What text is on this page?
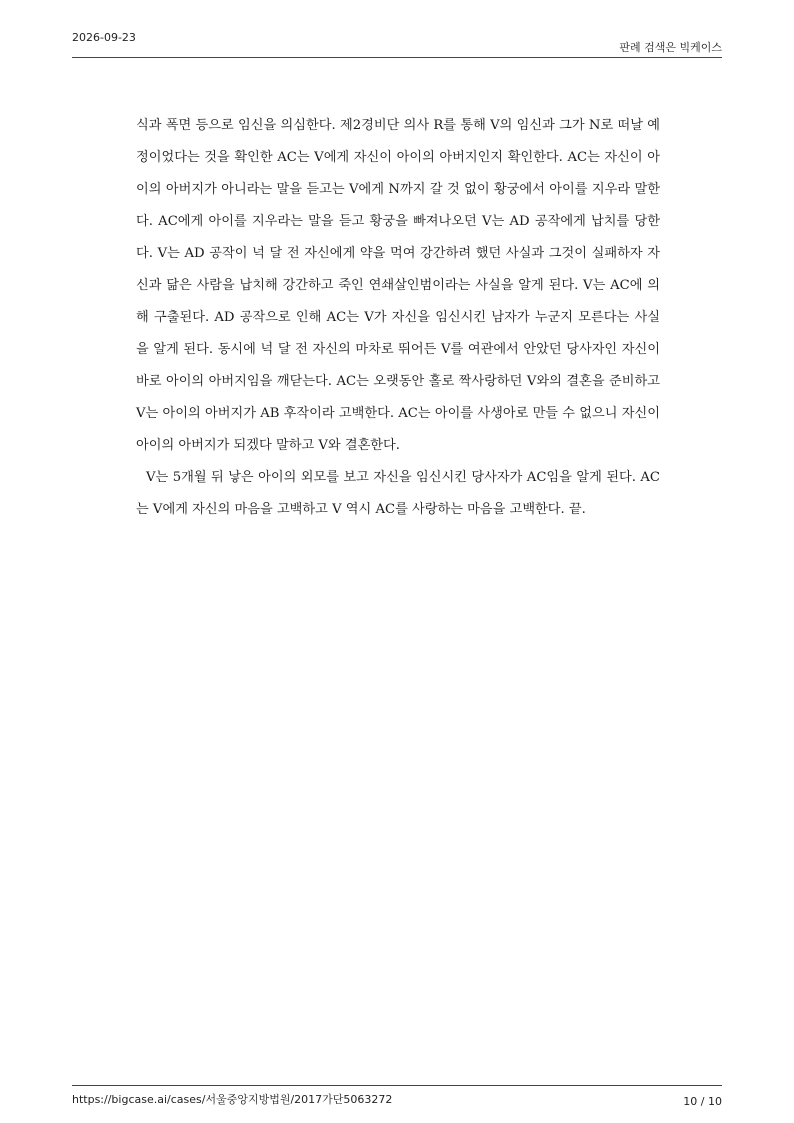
2026-09-23
판례 검색은 빅케이스

식과 폭면 등으로 임신을 의심한다. 제2경비단 의사 R를 통해 V의 임신과 그가 N로 떠날 예정이었다는 것을 확인한 AC는 V에게 자신이 아이의 아버지인지 확인한다. AC는 자신이 아이의 아버지가 아니라는 말을 듣고는 V에게 N까지 갈 것 없이 황궁에서 아이를 지우라 말한다. AC에게 아이를 지우라는 말을 듣고 황궁을 빠져나오던 V는 AD 공작에게 납치를 당한다. V는 AD 공작이 넉 달 전 자신에게 약을 먹여 강간하려 했던 사실과 그것이 실패하자 자신과 닮은 사람을 납치해 강간하고 죽인 연쇄살인범이라는 사실을 알게 된다. V는 AC에 의해 구출된다. AD 공작으로 인해 AC는 V가 자신을 임신시킨 남자가 누군지 모른다는 사실을 알게 된다. 동시에 넉 달 전 자신의 마차로 뛰어든 V를 여관에서 안았던 당사자인 자신이 바로 아이의 아버지임을 깨닫는다. AC는 오랫동안 홀로 짝사랑하던 V와의 결혼을 준비하고 V는 아이의 아버지가 AB 후작이라 고백한다. AC는 아이를 사생아로 만들 수 없으니 자신이 아이의 아버지가 되겠다 말하고 V와 결혼한다.

V는 5개월 뒤 낳은 아이의 외모를 보고 자신을 임신시킨 당사자가 AC임을 알게 된다. AC는 V에게 자신의 마음을 고백하고 V 역시 AC를 사랑하는 마음을 고백한다. 끝.

https://bigcase.ai/cases/서울중앙지방법원/2017가단5063272	10 / 10
